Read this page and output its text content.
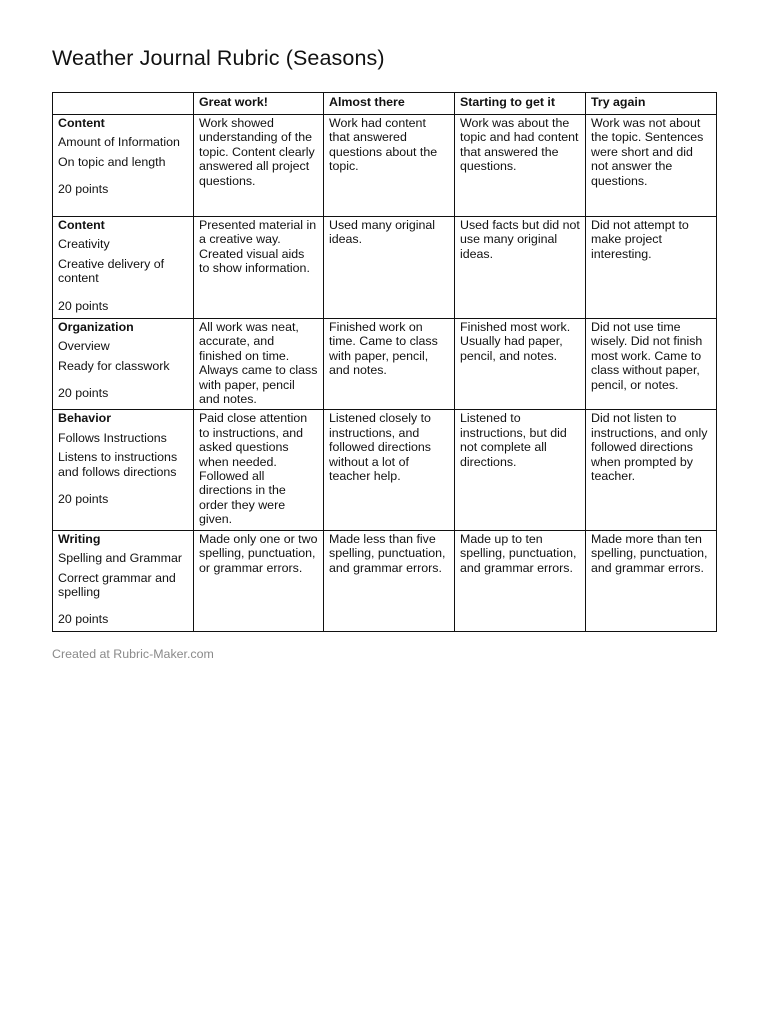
Weather Journal Rubric (Seasons)
	Great work!	Almost there	Starting to get it	Try again

Content
Amount of Information
On topic and length
20 points	Work showed understanding of the topic. Content clearly answered all project questions.	Work had content that answered questions about the topic.	Work was about the topic and had content that answered the questions.	Work was not about the topic. Sentences were short and did not answer the questions.

Content
Creativity
Creative delivery of content
20 points	Presented material in a creative way. Created visual aids to show information.	Used many original ideas.	Used facts but did not use many original ideas.	Did not attempt to make project interesting.

Organization
Overview
Ready for classwork
20 points	All work was neat, accurate, and finished on time. Always came to class with paper, pencil and notes.	Finished work on time. Came to class with paper, pencil, and notes.	Finished most work. Usually had paper, pencil, and notes.	Did not use time wisely. Did not finish most work. Came to class without paper, pencil, or notes.

Behavior
Follows Instructions
Listens to instructions and follows directions
20 points	Paid close attention to instructions, and asked questions when needed. Followed all directions in the order they were given.	Listened closely to instructions, and followed directions without a lot of teacher help.	Listened to instructions, but did not complete all directions.	Did not listen to instructions, and only followed directions when prompted by teacher.

Writing
Spelling and Grammar
Correct grammar and spelling
20 points	Made only one or two spelling, punctuation, or grammar errors.	Made less than five spelling, punctuation, and grammar errors.	Made up to ten spelling, punctuation, and grammar errors.	Made more than ten spelling, punctuation, and grammar errors.
Created at Rubric-Maker.com
